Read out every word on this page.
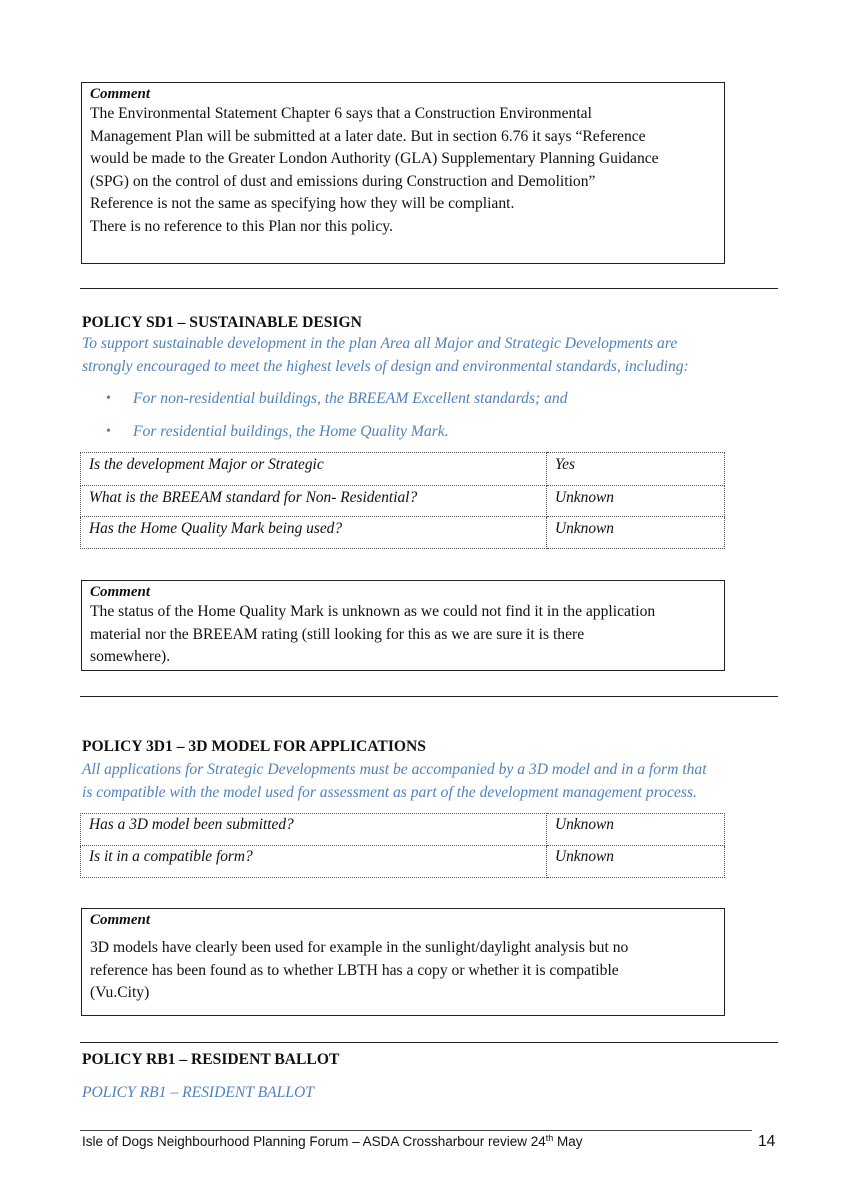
Comment
The Environmental Statement Chapter 6 says that a Construction Environmental
Management Plan will be submitted at a later date. But in section 6.76 it says “Reference
would be made to the Greater London Authority (GLA) Supplementary Planning Guidance
(SPG) on the control of dust and emissions during Construction and Demolition”
Reference is not the same as specifying how they will be compliant.
There is no reference to this Plan nor this policy.
POLICY SD1 – SUSTAINABLE DESIGN
To support sustainable development in the plan Area all Major and Strategic Developments are
strongly encouraged to meet the highest levels of design and environmental standards, including:
• For non-residential buildings, the BREEAM Excellent standards; and
• For residential buildings, the Home Quality Mark.
Is the development Major or Strategic	Yes
What is the BREEAM standard for Non- Residential?	Unknown
Has the Home Quality Mark being used?	Unknown
Comment
The status of the Home Quality Mark is unknown as we could not find it in the application
material nor the BREEAM rating (still looking for this as we are sure it is there
somewhere).
POLICY 3D1 – 3D MODEL FOR APPLICATIONS
All applications for Strategic Developments must be accompanied by a 3D model and in a form that
is compatible with the model used for assessment as part of the development management process.
Has a 3D model been submitted?	Unknown
Is it in a compatible form?	Unknown
Comment
3D models have clearly been used for example in the sunlight/daylight analysis but no
reference has been found as to whether LBTH has a copy or whether it is compatible
(Vu.City)
POLICY RB1 – RESIDENT BALLOT
POLICY RB1 – RESIDENT BALLOT
Isle of Dogs Neighbourhood Planning Forum – ASDA Crossharbour review 24th May	14
